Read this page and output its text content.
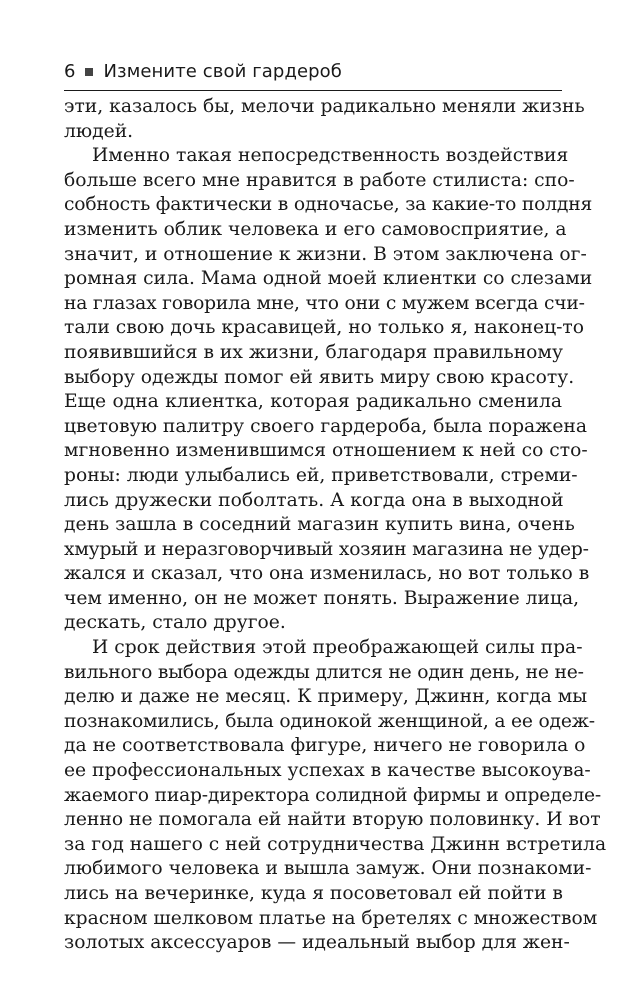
6 Измените свой гардероб
эти, казалось бы, мелочи радикально меняли жизнь
людей.
Именно такая непосредственность воздействия
больше всего мне нравится в работе стилиста: спо-
собность фактически в одночасье, за какие-то полдня
изменить облик человека и его самовосприятие, а
значит, и отношение к жизни. В этом заключена ог-
ромная сила. Мама одной моей клиентки со слезами
на глазах говорила мне, что они с мужем всегда счи-
тали свою дочь красавицей, но только я, наконец-то
появившийся в их жизни, благодаря правильному
выбору одежды помог ей явить миру свою красоту.
Еще одна клиентка, которая радикально сменила
цветовую палитру своего гардероба, была поражена
мгновенно изменившимся отношением к ней со сто-
роны: люди улыбались ей, приветствовали, стреми-
лись дружески поболтать. А когда она в выходной
день зашла в соседний магазин купить вина, очень
хмурый и неразговорчивый хозяин магазина не удер-
жался и сказал, что она изменилась, но вот только в
чем именно, он не может понять. Выражение лица,
дескать, стало другое.
И срок действия этой преображающей силы пра-
вильного выбора одежды длится не один день, не не-
делю и даже не месяц. К примеру, Джинн, когда мы
познакомились, была одинокой женщиной, а ее одеж-
да не соответствовала фигуре, ничего не говорила о
ее профессиональных успехах в качестве высокоува-
жаемого пиар-директора солидной фирмы и определе-
ленно не помогала ей найти вторую половинку. И вот
за год нашего с ней сотрудничества Джинн встретила
любимого человека и вышла замуж. Они познакоми-
лись на вечеринке, куда я посоветовал ей пойти в
красном шелковом платье на бретелях с множеством
золотых аксессуаров — идеальный выбор для жен-
